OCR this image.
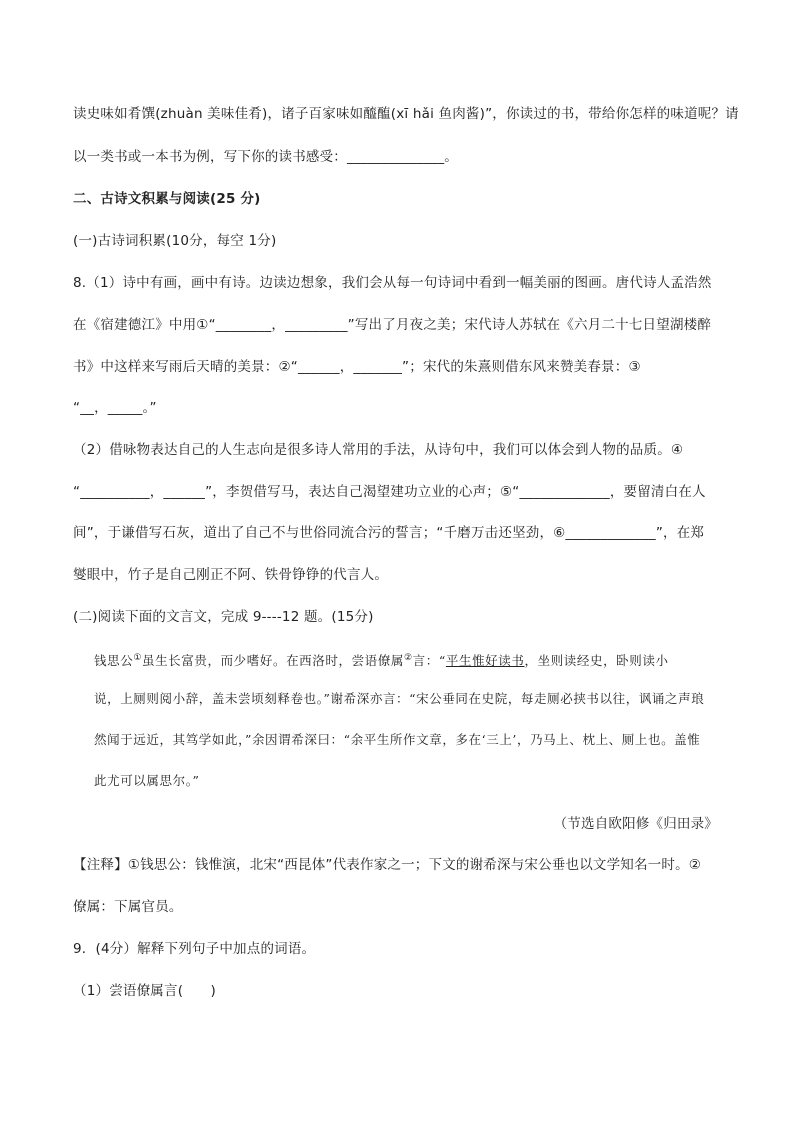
读史味如肴馔(zhuàn 美味佳肴)，诸子百家味如醯醢(xī hǎi 鱼肉酱)”，你读过的书，带给你怎样的味道呢？请
以一类书或一本书为例，写下你的读书感受：______________。
二、古诗文积累与阅读(25 分)
(一)古诗词积累(10分，每空 1分)
8.（1）诗中有画，画中有诗。边读边想象，我们会从每一句诗词中看到一幅美丽的图画。唐代诗人孟浩然
在《宿建德江》中用①“________，_________”写出了月夜之美；宋代诗人苏轼在《六月二十七日望湖楼醉
书》中这样来写雨后天晴的美景：②“______，_______”；宋代的朱熹则借东风来赞美春景：③
“__，_____。”
（2）借咏物表达自己的人生志向是很多诗人常用的手法，从诗句中，我们可以体会到人物的品质。④
“__________，______”，李贺借写马，表达自己渴望建功立业的心声；⑤“_____________，要留清白在人
间”，于谦借写石灰，道出了自己不与世俗同流合污的誓言；“千磨万击还坚劲，⑥_____________”，在郑
燮眼中，竹子是自己刚正不阿、铁骨铮铮的代言人。
(二)阅读下面的文言文，完成 9----12 题。(15分)
钱思公①虽生长富贵，而少嗜好。在西洛时，尝语僚属②言：“平生惟好读书，坐则读经史，卧则读小
说，上厕则阅小辞，盖未尝顷刻释卷也。”谢希深亦言：“宋公垂同在史院，每走厕必挟书以往，讽诵之声琅
然闻于远近，其笃学如此，”余因谓希深曰：“余平生所作文章，多在‘三上’，乃马上、枕上、厕上也。盖惟
此尤可以属思尔。”
（节选自欧阳修《归田录》
【注释】①钱思公：钱惟演，北宋“西昆体”代表作家之一；下文的谢希深与宋公垂也以文学知名一时。②
僚属：下属官员。
9．(4分）解释下列句子中加点的词语。
（1）尝语僚属言(　　)
